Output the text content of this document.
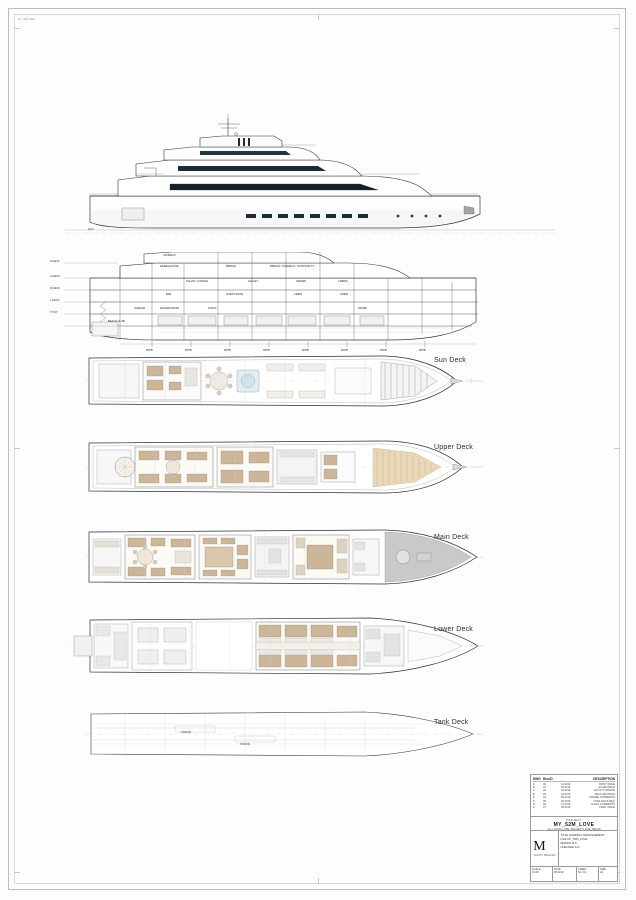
A1 - 594 x 841
FR.0
S.DECK
U.DECK
M.DECK
L.DECK
T.TOP
SUNDECK
WHEELHOUSE	BRIDGE	BRIDGE / SUNDECK / OUTDOOR TV
OWNER
SALON / LOUNGE	GALLEY	CABINS
BAR	GUEST SUITE	CREW	CREW
TANKS
ENGINE ROOM
GARAGE	STORE
BEACH CLUB
WTB	WTB	WTB	WTB	WTB	WTB	WTB	WTB
Sun Deck
Upper Deck
Main Deck
Lower Deck
TANK(P)
TANK(S)
Tank Deck
DWG Rev.ID	DESCRIPTION
A	00	01.2019	FIRST ISSUE
B	01	02.2019	GA REVISION
C	02	03.2019	LAYOUT UPDATE
D	03	04.2019	DECK REVISION
E	04	05.2019	OWNER COMMENTS
F	05	06.2019	TANK DECK REV.
G	06	07.2019	CLASS COMMENTS
H	07	08.2019	FINAL ISSUE
PROJECT
MY_52M_LOVE
GA_LAYOUT_52M_PROJECT LOVE_REV.08
M
YACHT DESIGN
TITLE GENERAL ARRANGEMENT
FILE MY_52M_LOVE
DRAWN M.D.
CHECKED A.R.
SCALE
1:100
DATE
08.2019
SHEET
01 / 01
SIZE
A1
